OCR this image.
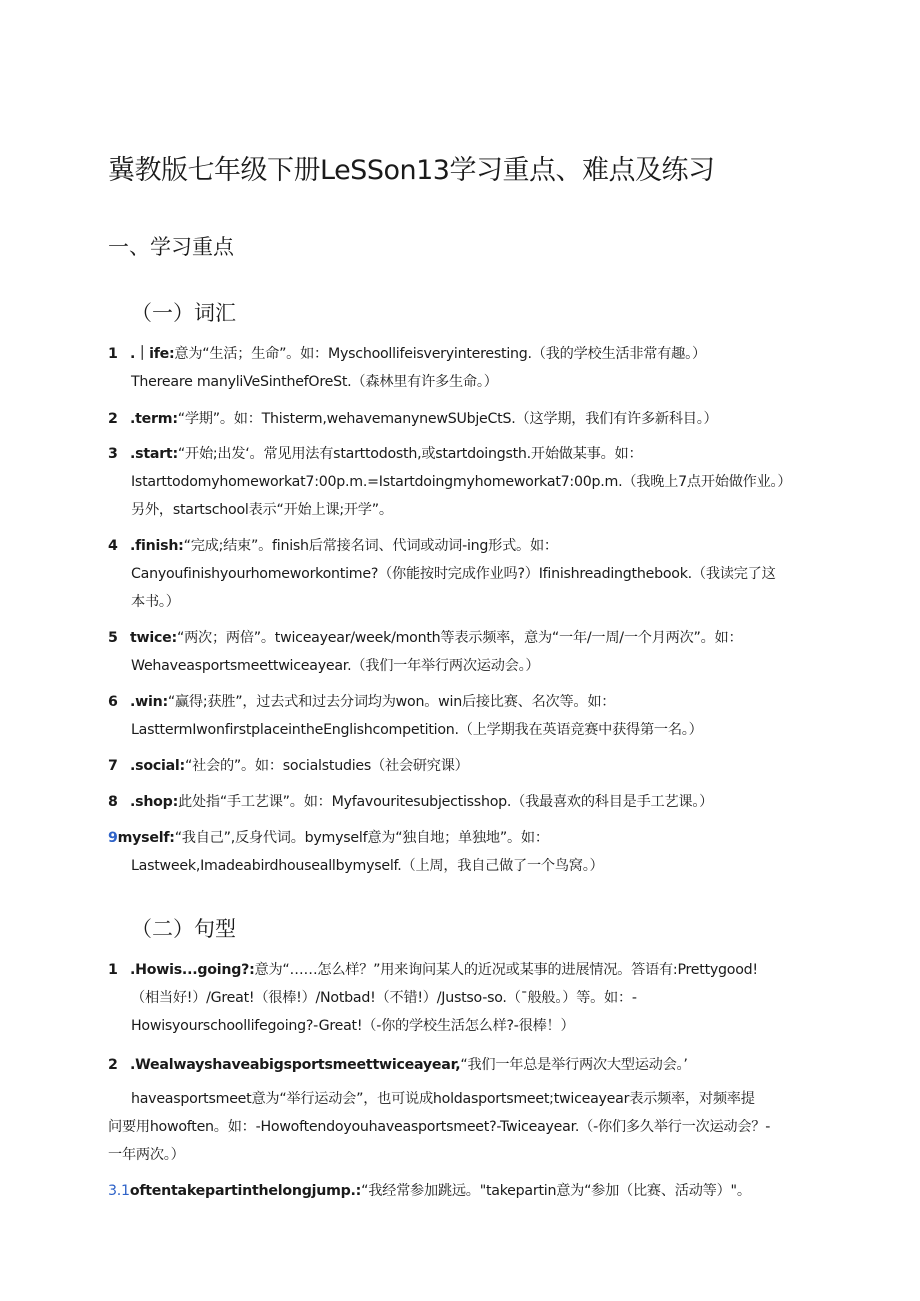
冀教版七年级下册LeSSon13学习重点、难点及练习
一、学习重点
（一）词汇
1 .｜ife:意为“生活；生命”。如：Myschoollifeisveryinteresting.（我的学校生活非常有趣。）
Thereare manyliVeSinthefOreSt.（森林里有许多生命。）
2 .term:“学期”。如：Thisterm,wehavemanynewSUbjeCtS.（这学期，我们有许多新科目。）
3 .start:“开始;出发‘。常见用法有starttodosth,或startdoingsth.开始做某事。如：
Istarttodomyhomeworkat7:00p.m.=Istartdoingmyhomeworkat7:00p.m.（我晚上7点开始做作业。）
另外，startschool表示“开始上课;开学”。
4 .finish:“完成;结束”。finish后常接名词、代词或动词-ing形式。如：
Canyoufinishyourhomeworkontime?（你能按时完成作业吗?）Ifinishreadingthebook.（我读完了这
本书。）
5 twice:“两次；两倍”。twiceayear/week/month等表示频率，意为“一年/一周/一个月两次”。如：
Wehaveasportsmeettwiceayear.（我们一年举行两次运动会。）
6 .win:“赢得;获胜”，过去式和过去分词均为won。win后接比赛、名次等。如：
LasttermIwonfirstplaceintheEnglishcompetition.（上学期我在英语竞赛中获得第一名。）
7 .social:“社会的”。如：socialstudies（社会研究课）
8 .shop:此处指“手工艺课”。如：Myfavouritesubjectisshop.（我最喜欢的科目是手工艺课。）
9myself:“我自己”,反身代词。bymyself意为“独自地；单独地”。如：
Lastweek,Imadeabirdhouseallbymyself.（上周，我自己做了一个鸟窝。）
（二）句型
1 .Howis...going?:意为“……怎么样？”用来询问某人的近况或某事的进展情况。答语有:Prettygood!
（相当好!）/Great!（很棒!）/Notbad!（不错!）/Justso-so.（¯般般。）等。如：-
Howisyourschoollifegoing?-Great!（-你的学校生活怎么样?-很棒！）
2 .Wealwayshaveabigsportsmeettwiceayear,“我们一年总是举行两次大型运动会。’
haveasportsmeet意为“举行运动会”，也可说成holdasportsmeet;twiceayear表示频率，对频率提
问要用howoften。如：-Howoftendoyouhaveasportsmeet?-Twiceayear.（-你们多久举行一次运动会？-
一年两次。）
3.1oftentakepartinthelongjump.:“我经常参加跳远。"takepartin意为“参加（比赛、活动等）"。
